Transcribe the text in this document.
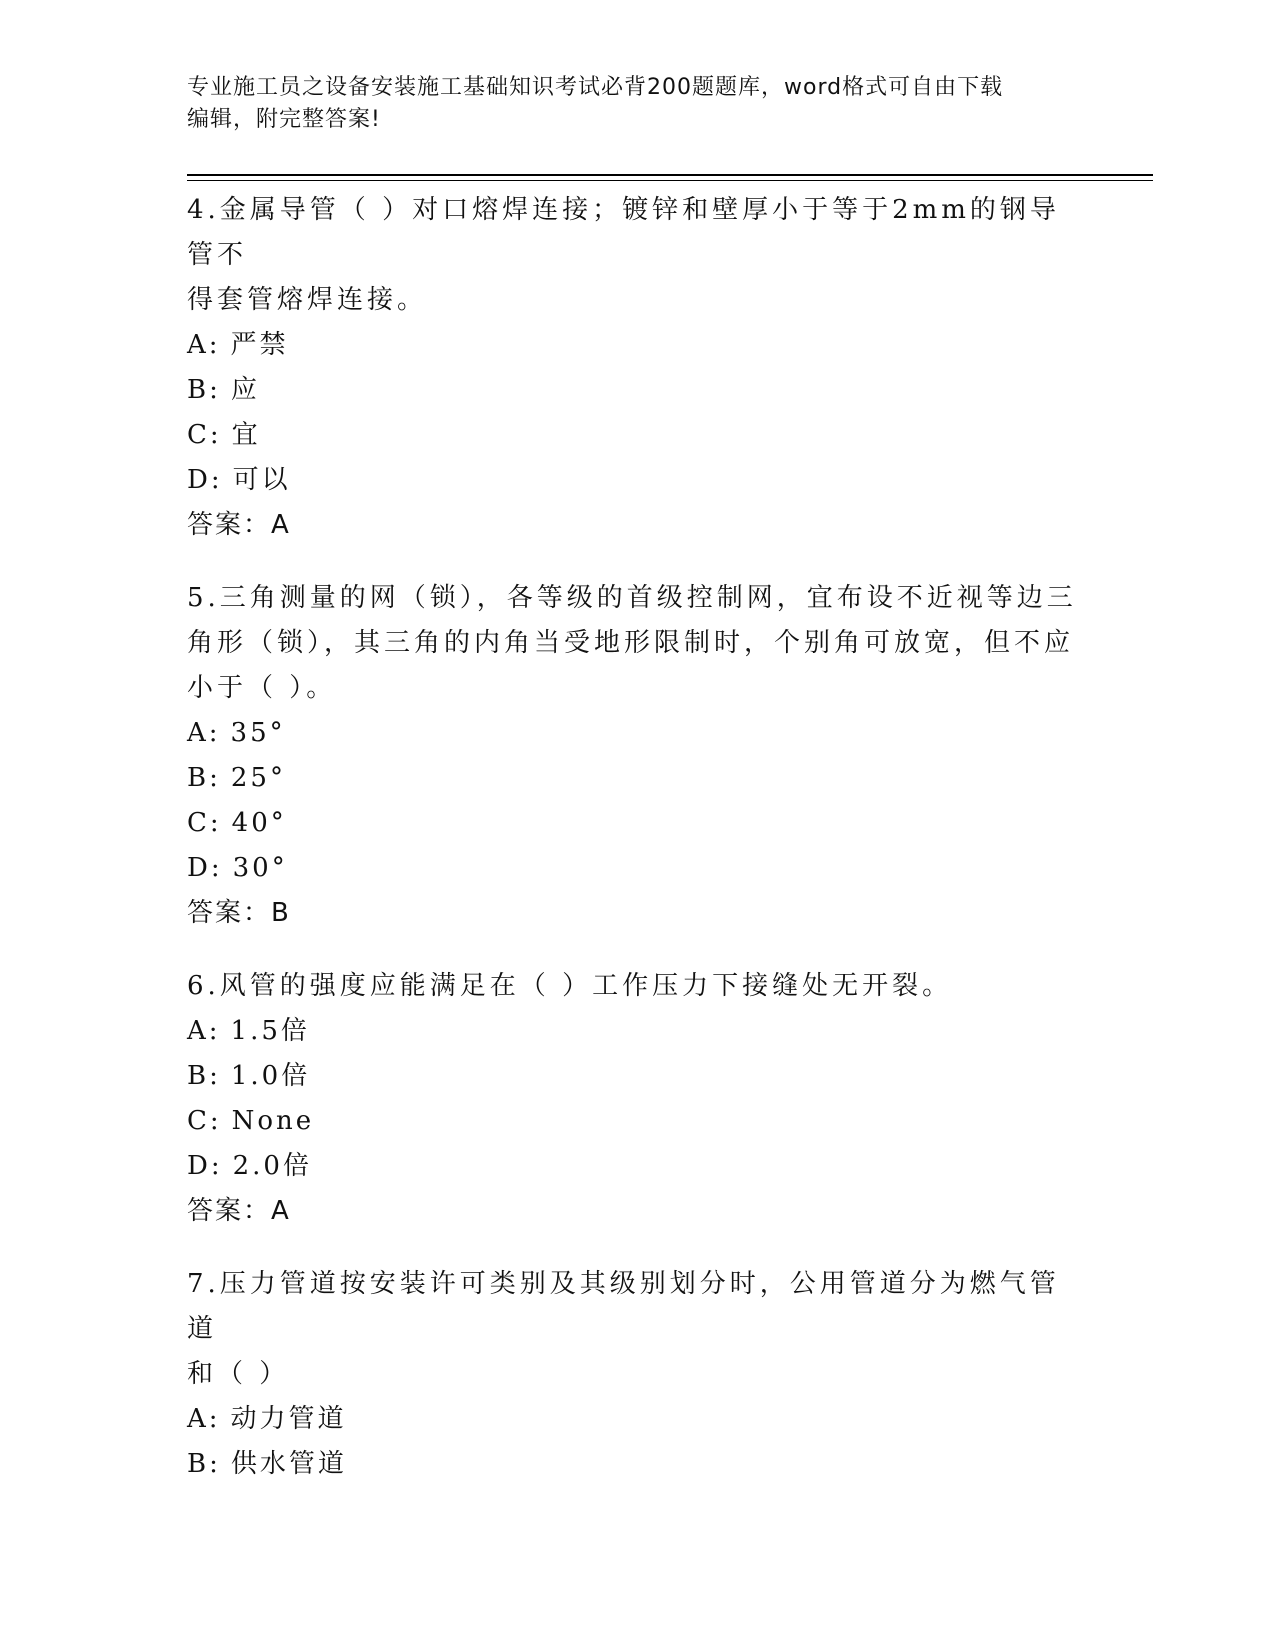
专业施工员之设备安装施工基础知识考试必背200题题库，word格式可自由下载
编辑，附完整答案!

4.金属导管（ ）对口熔焊连接；镀锌和壁厚小于等于2mm的钢导管不

得套管熔焊连接。

A: 严禁

B: 应

C: 宜

D: 可以

答案：A

5.三角测量的网（锁），各等级的首级控制网，宜布设不近视等边三

角形（锁），其三角的内角当受地形限制时，个别角可放宽，但不应

小于（ ）。

A: 35°

B: 25°

C: 40°

D: 30°

答案：B

6.风管的强度应能满足在（ ）工作压力下接缝处无开裂。

A: 1.5倍

B: 1.0倍

C: None

D: 2.0倍

答案：A

7.压力管道按安装许可类别及其级别划分时，公用管道分为燃气管道

和（ ）

A: 动力管道

B: 供水管道
